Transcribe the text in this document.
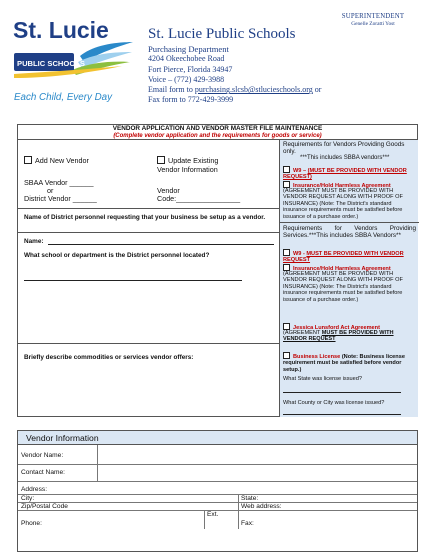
St. Lucie
PUBLIC SCHOOLS
Each Child, Every Day
St. Lucie Public Schools
SUPERINTENDENT
Genelle Zoratti Yost
Purchasing Department
4204 Okeechobee Road
Fort Pierce, Florida 34947
Voice – (772) 429-3988
Email form to purchasing.slcsb@stlucieschools.org or
Fax form to 772-429-3999
VENDOR APPLICATION AND VENDOR MASTER FILE MAINTENANCE
(Complete vendor application and the requirements for goods or service)
Add New Vendor	Update Existing
Vendor Information
SBAA Vendor ______
or
District Vendor ______
Vendor
Code:________________
Name of District personnel requesting that your business be setup as a vendor.
Name:
What school or department is the District personnel located?
Briefly describe commodities or services vendor offers:
Requirements for Vendors Providing Goods only.
***This includes SBBA vendors***
W9 – (MUST BE PROVIDED WITH VENDOR REQUEST)
Insurance/Hold Harmless Agreement
(AGREEMENT MUST BE PROVIDED WITH VENDOR REQUEST ALONG WITH PROOF OF INSURANCE) (Note: The District's standard insurance requirements must be satisfied before issuance of a purchase order.)
Requirements for Vendors Providing Services.***This includes SBBA Vendors**
W9 - MUST BE PROVIDED WITH VENDOR REQUEST
Insurance/Hold Harmless Agreement
(AGREEMENT MUST BE PROVIDED WITH VENDOR REQUEST ALONG WITH PROOF OF INSURANCE) (Note: The District's standard insurance requirements must be satisfied before issuance of a purchase order.)
Jessica Lunsford Act Agreement
(AGREEMENT MUST BE PROVIDED WITH VENDOR REQUEST
Business License (Note: Business license requirement must be satisfied before vendor setup.)
What State was license issued?
What County or City was license issued?
Vendor Information
Vendor Name:
Contact Name:
Address:
City:	State:
Zip/Postal Code	Web address:
Ext.
Phone:	Fax:
